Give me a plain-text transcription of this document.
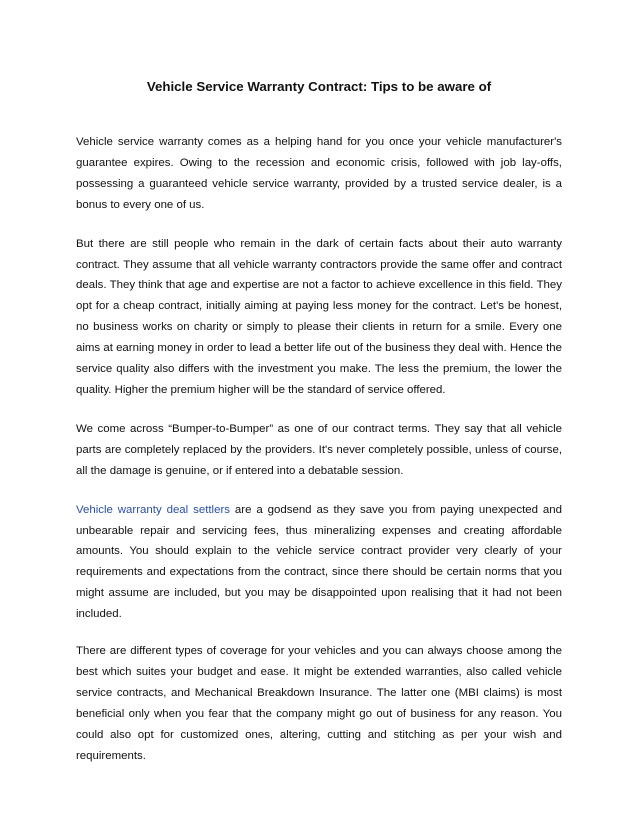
Vehicle Service Warranty Contract: Tips to be aware of

Vehicle service warranty comes as a helping hand for you once your vehicle manufacturer's guarantee expires. Owing to the recession and economic crisis, followed with job lay-offs, possessing a guaranteed vehicle service warranty, provided by a trusted service dealer, is a bonus to every one of us.

But there are still people who remain in the dark of certain facts about their auto warranty contract. They assume that all vehicle warranty contractors provide the same offer and contract deals. They think that age and expertise are not a factor to achieve excellence in this field. They opt for a cheap contract, initially aiming at paying less money for the contract. Let's be honest, no business works on charity or simply to please their clients in return for a smile. Every one aims at earning money in order to lead a better life out of the business they deal with. Hence the service quality also differs with the investment you make. The less the premium, the lower the quality. Higher the premium higher will be the standard of service offered.

We come across “Bumper-to-Bumper” as one of our contract terms. They say that all vehicle parts are completely replaced by the providers. It's never completely possible, unless of course, all the damage is genuine, or if entered into a debatable session.

Vehicle warranty deal settlers are a godsend as they save you from paying unexpected and unbearable repair and servicing fees, thus mineralizing expenses and creating affordable amounts. You should explain to the vehicle service contract provider very clearly of your requirements and expectations from the contract, since there should be certain norms that you might assume are included, but you may be disappointed upon realising that it had not been included.

There are different types of coverage for your vehicles and you can always choose among the best which suites your budget and ease. It might be extended warranties, also called vehicle service contracts, and Mechanical Breakdown Insurance. The latter one (MBI claims) is most beneficial only when you fear that the company might go out of business for any reason. You could also opt for customized ones, altering, cutting and stitching as per your wish and requirements.
